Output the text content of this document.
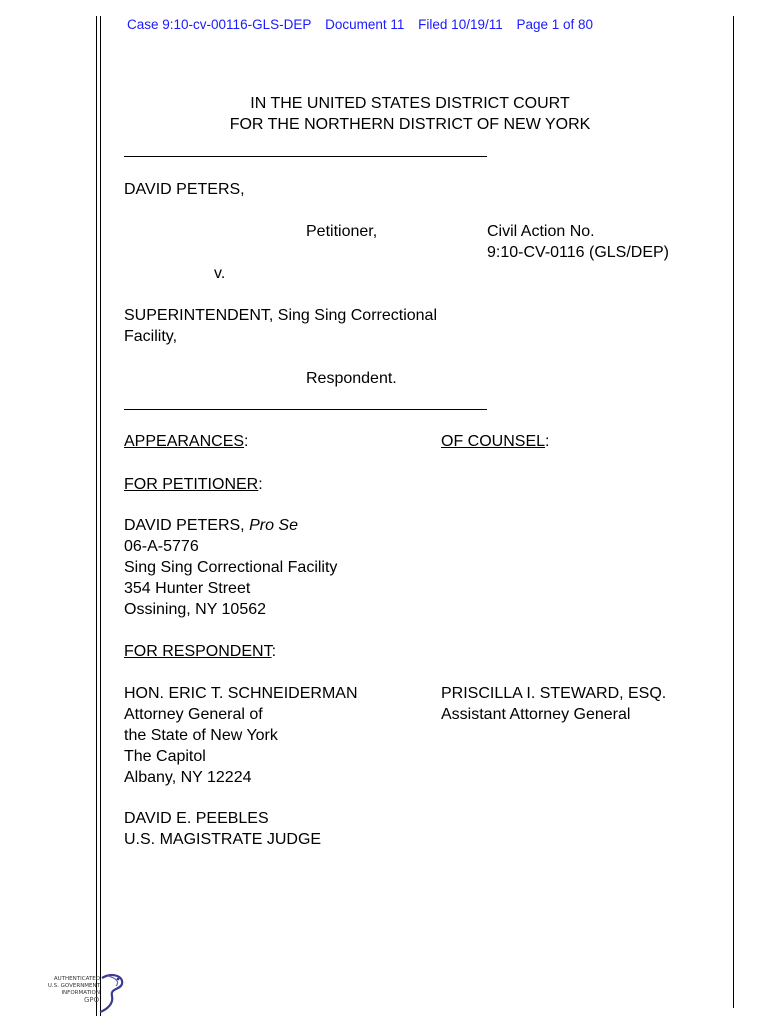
Case 9:10-cv-00116-GLS-DEP Document 11 Filed 10/19/11 Page 1 of 80
IN THE UNITED STATES DISTRICT COURT
FOR THE NORTHERN DISTRICT OF NEW YORK
DAVID PETERS,
Petitioner,	Civil Action No.
9:10-CV-0116 (GLS/DEP)
v.
SUPERINTENDENT, Sing Sing Correctional
Facility,
Respondent.
APPEARANCES:	OF COUNSEL:
FOR PETITIONER:
DAVID PETERS, Pro Se
06-A-5776
Sing Sing Correctional Facility
354 Hunter Street
Ossining, NY 10562
FOR RESPONDENT:
HON. ERIC T. SCHNEIDERMAN
Attorney General of
the State of New York
The Capitol
Albany, NY 12224
PRISCILLA I. STEWARD, ESQ.
Assistant Attorney General
DAVID E. PEEBLES
U.S. MAGISTRATE JUDGE
AUTHENTICATED
U.S. GOVERNMENT
INFORMATION
GPO
